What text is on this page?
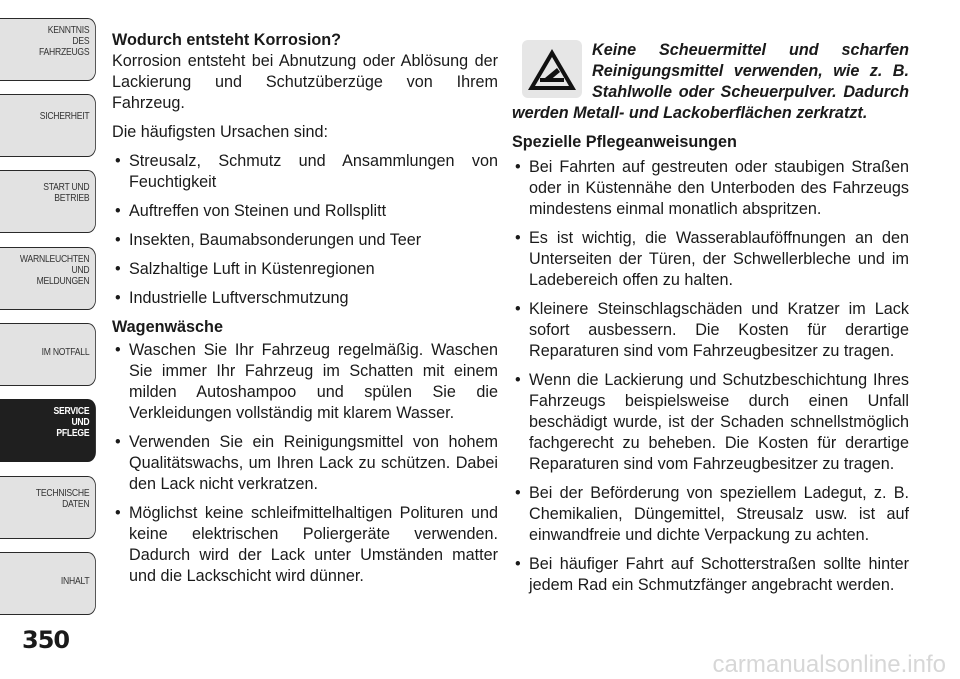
KENNTNIS
DES
FAHRZEUGS
SICHERHEIT
START UND
BETRIEB
WARNLEUCHTEN
UND
MELDUNGEN
IM NOTFALL
SERVICE
UND
PFLEGE
TECHNISCHE
DATEN
INHALT
350
carmanualsonline.info
Wodurch entsteht Korrosion?

Korrosion entsteht bei Abnutzung oder Ablösung der Lackierung und Schutzüberzüge von Ihrem Fahrzeug.

Die häufigsten Ursachen sind:

• Streusalz, Schmutz und Ansammlungen von Feuchtigkeit
• Auftreffen von Steinen und Rollsplitt
• Insekten, Baumabsonderungen und Teer
• Salzhaltige Luft in Küstenregionen
• Industrielle Luftverschmutzung
Wagenwäsche
• Waschen Sie Ihr Fahrzeug regelmäßig. Waschen Sie immer Ihr Fahrzeug im Schatten mit einem milden Autoshampoo und spülen Sie die Verkleidungen vollständig mit klarem Wasser.
• Verwenden Sie ein Reinigungsmittel von hohem Qualitätswachs, um Ihren Lack zu schützen. Dabei den Lack nicht verkratzen.
• Möglichst keine schleifmittelhaltigen Polituren und keine elektrischen Poliergeräte verwenden. Dadurch wird der Lack unter Umständen matter und die Lackschicht wird dünner.
Keine Scheuermittel und scharfen Reinigungsmittel verwenden, wie z. B. Stahlwolle oder Scheuerpulver. Dadurch werden Metall- und Lackoberflächen zerkratzt.
Spezielle Pflegeanweisungen
• Bei Fahrten auf gestreuten oder staubigen Straßen oder in Küstennähe den Unterboden des Fahrzeugs mindestens einmal monatlich abspritzen.
• Es ist wichtig, die Wasserablauföffnungen an den Unterseiten der Türen, der Schwellerbleche und im Ladebereich offen zu halten.
• Kleinere Steinschlagschäden und Kratzer im Lack sofort ausbessern. Die Kosten für derartige Reparaturen sind vom Fahrzeugbesitzer zu tragen.
• Wenn die Lackierung und Schutzbeschichtung Ihres Fahrzeugs beispielsweise durch einen Unfall beschädigt wurde, ist der Schaden schnellstmöglich fachgerecht zu beheben. Die Kosten für derartige Reparaturen sind vom Fahrzeugbesitzer zu tragen.
• Bei der Beförderung von speziellem Ladegut, z. B. Chemikalien, Düngemittel, Streusalz usw. ist auf einwandfreie und dichte Verpackung zu achten.
• Bei häufiger Fahrt auf Schotterstraßen sollte hinter jedem Rad ein Schmutzfänger angebracht werden.
